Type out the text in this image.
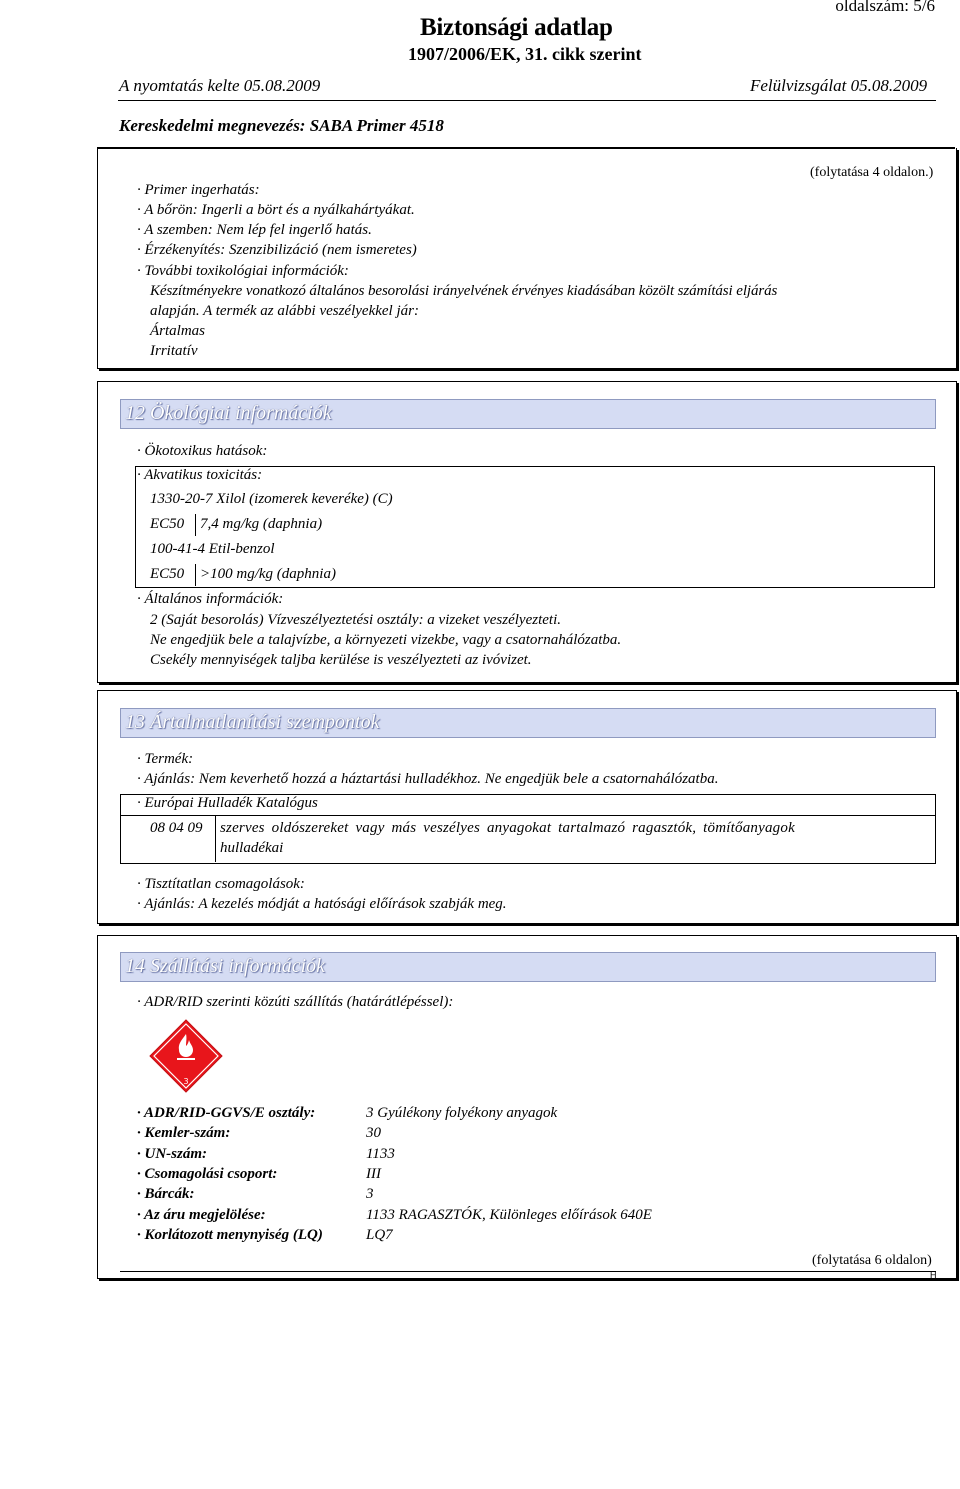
oldalszám: 5/6
Biztonsági adatlap
1907/2006/EK, 31. cikk szerint
A nyomtatás kelte 05.08.2009	Felülvizsgálat 05.08.2009
Kereskedelmi megnevezés: SABA Primer 4518
(folytatása 4 oldalon.)
· Primer ingerhatás:
· A bőrön: Ingerli a bört és a nyálkahártyákat.
· A szemben: Nem lép fel ingerlő hatás.
· Érzékenyítés: Szenzibilizáció (nem ismeretes)
· További toxikológiai információk:
Készítményekre vonatkozó általános besorolási irányelvének érvényes kiadásában közölt számítási eljárás
alapján. A termék az alábbi veszélyekkel jár:
Ártalmas
Irritatív
12 Ökológiai információk
· Ökotoxikus hatások:
· Akvatikus toxicitás:
1330-20-7 Xilol (izomerek keveréke) (C)
EC50 7,4 mg/kg (daphnia)
100-41-4 Etil-benzol
EC50 >100 mg/kg (daphnia)
· Általános információk:
2 (Saját besorolás) Vízveszélyeztetési osztály: a vizeket veszélyezteti.
Ne engedjük bele a talajvízbe, a környezeti vizekbe, vagy a csatornahálózatba.
Csekély mennyiségek taljba kerülése is veszélyezteti az ivóvizet.
13 Ártalmatlanítási szempontok
· Termék:
· Ajánlás: Nem keverhető hozzá a háztartási hulladékhoz. Ne engedjük bele a csatornahálózatba.
· Európai Hulladék Katalógus
08 04 09 szerves oldószereket vagy más veszélyes anyagokat tartalmazó ragasztók, tömítőanyagok
hulladékai
· Tisztítatlan csomagolások:
· Ajánlás: A kezelés módját a hatósági előírások szabják meg.
14 Szállítási információk
· ADR/RID szerinti közúti szállítás (határátlépéssel):
3
· ADR/RID-GGVS/E osztály:	3 Gyúlékony folyékony anyagok
· Kemler-szám:	30
· UN-szám:	1133
· Csomagolási csoport:	III
· Bárcák:	3
· Az áru megjelölése:	1133 RAGASZTÓK, Különleges előírások 640E
· Korlátozott menynyiség (LQ)	LQ7
(folytatása 6 oldalon)
H
